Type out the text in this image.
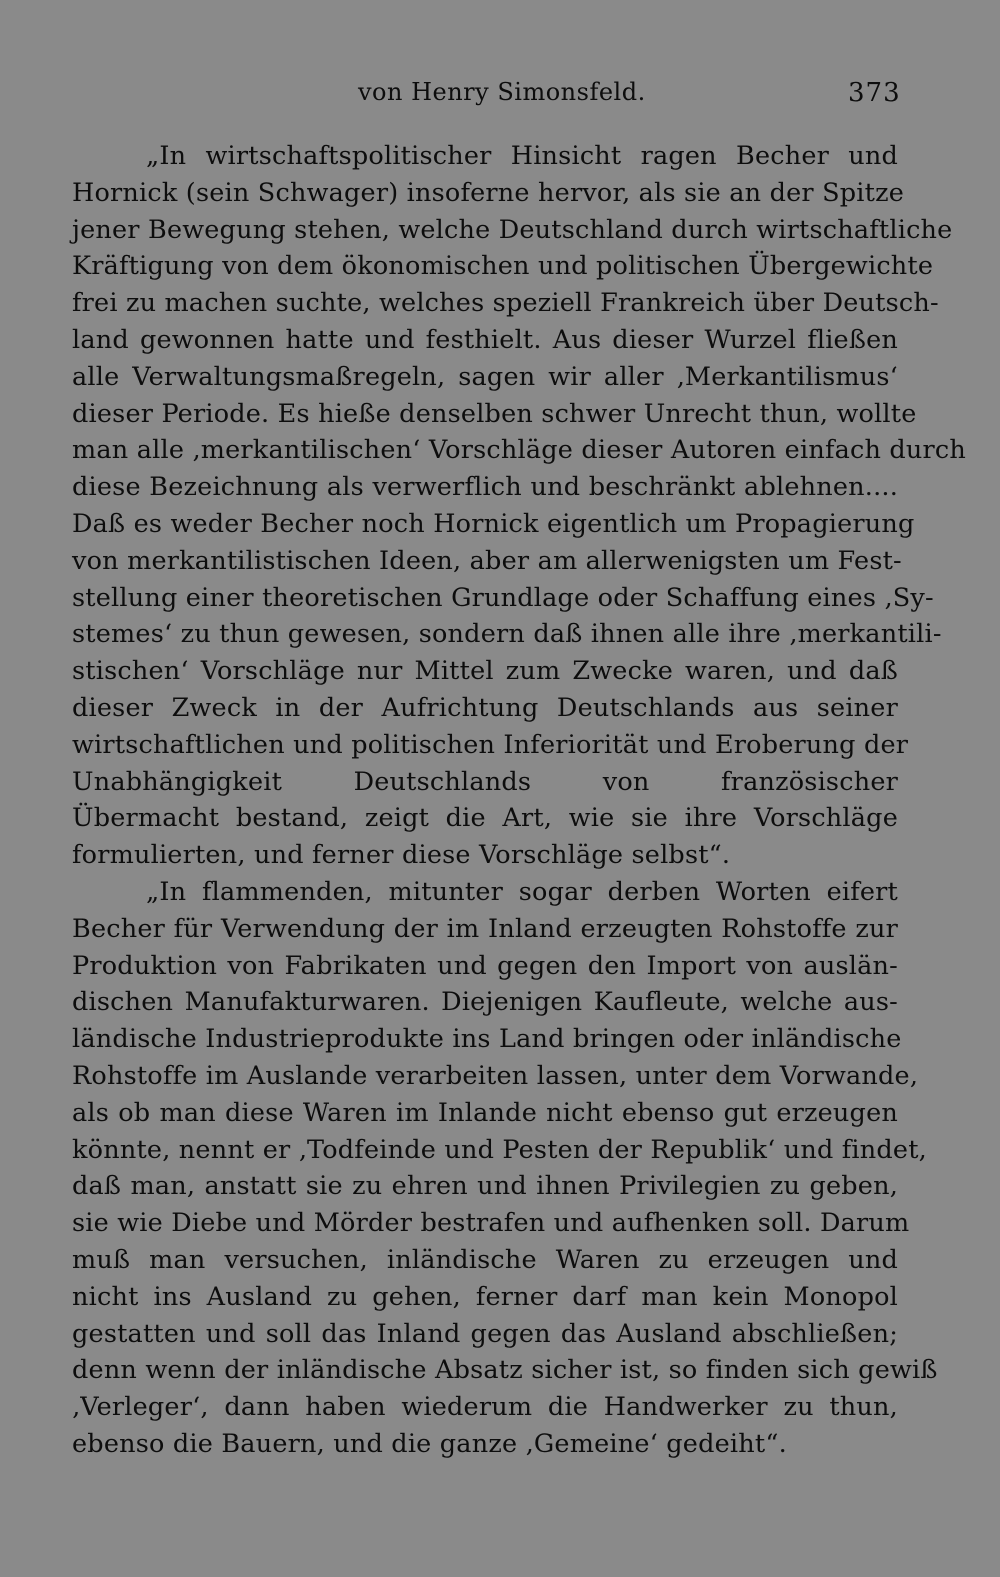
von Henry Simonsfeld.	373
„In wirtschaftspolitischer Hinsicht ragen Becher und
Hornick (sein Schwager) insoferne hervor, als sie an der Spitze
jener Bewegung stehen, welche Deutschland durch wirtschaftliche
Kräftigung von dem ökonomischen und politischen Übergewichte
frei zu machen suchte, welches speziell Frankreich über Deutsch-
land gewonnen hatte und festhielt. Aus dieser Wurzel fließen
alle Verwaltungsmaßregeln, sagen wir aller ‚Merkantilismus‘
dieser Periode. Es hieße denselben schwer Unrecht thun, wollte
man alle ‚merkantilischen‘ Vorschläge dieser Autoren einfach durch
diese Bezeichnung als verwerflich und beschränkt ablehnen....
Daß es weder Becher noch Hornick eigentlich um Propagierung
von merkantilistischen Ideen, aber am allerwenigsten um Fest-
stellung einer theoretischen Grundlage oder Schaffung eines ‚Sy-
stemes‘ zu thun gewesen, sondern daß ihnen alle ihre ‚merkantili-
stischen‘ Vorschläge nur Mittel zum Zwecke waren, und daß
dieser Zweck in der Aufrichtung Deutschlands aus seiner
wirtschaftlichen und politischen Inferiorität und Eroberung der
Unabhängigkeit Deutschlands von französischer
Übermacht bestand, zeigt die Art, wie sie ihre Vorschläge
formulierten, und ferner diese Vorschläge selbst“.
„In flammenden, mitunter sogar derben Worten eifert
Becher für Verwendung der im Inland erzeugten Rohstoffe zur
Produktion von Fabrikaten und gegen den Import von auslän-
dischen Manufakturwaren. Diejenigen Kaufleute, welche aus-
ländische Industrieprodukte ins Land bringen oder inländische
Rohstoffe im Auslande verarbeiten lassen, unter dem Vorwande,
als ob man diese Waren im Inlande nicht ebenso gut erzeugen
könnte, nennt er ‚Todfeinde und Pesten der Republik‘ und findet,
daß man, anstatt sie zu ehren und ihnen Privilegien zu geben,
sie wie Diebe und Mörder bestrafen und aufhenken soll. Darum
muß man versuchen, inländische Waren zu erzeugen und
nicht ins Ausland zu gehen, ferner darf man kein Monopol
gestatten und soll das Inland gegen das Ausland abschließen;
denn wenn der inländische Absatz sicher ist, so finden sich gewiß
‚Verleger‘, dann haben wiederum die Handwerker zu thun,
ebenso die Bauern, und die ganze ‚Gemeine‘ gedeiht“.
